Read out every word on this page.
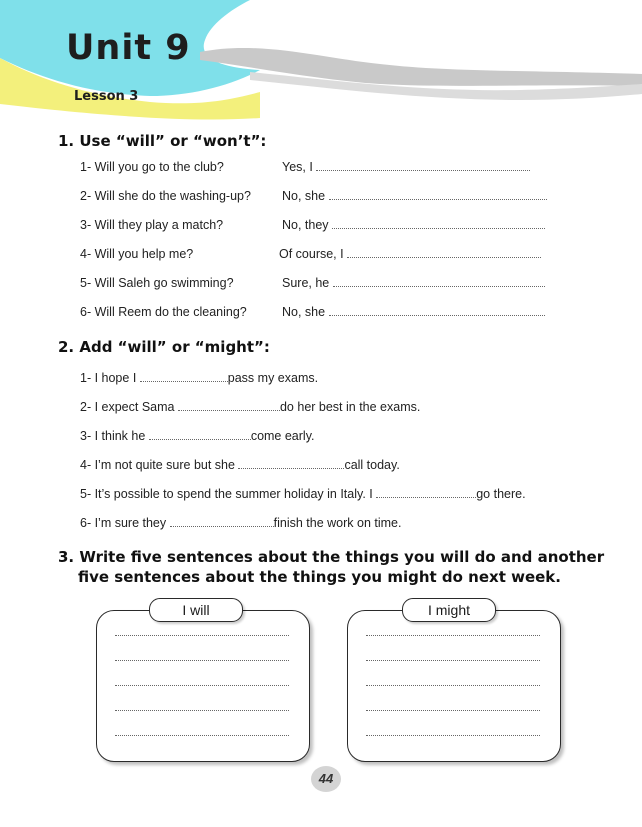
Unit 9
Lesson 3
1. Use “will” or “won’t”:
1- Will you go to the club?	Yes, I
2- Will she do the washing-up? No, she
3- Will they play a match?	No, they
4- Will you help me?	Of course, I
5- Will Saleh go swimming?	Sure, he
6- Will Reem do the cleaning?	No, she
2. Add “will” or “might”:
1- I hope I	pass my exams.
2- I expect Sama	do her best in the exams.
3- I think he	come early.
4- I’m not quite sure but she	call today.
5- It’s possible to spend the summer holiday in Italy. I	go there.
6- I’m sure they	finish the work on time.
3. Write five sentences about the things you will do and another
five sentences about the things you might do next week.
I will	I might
44
